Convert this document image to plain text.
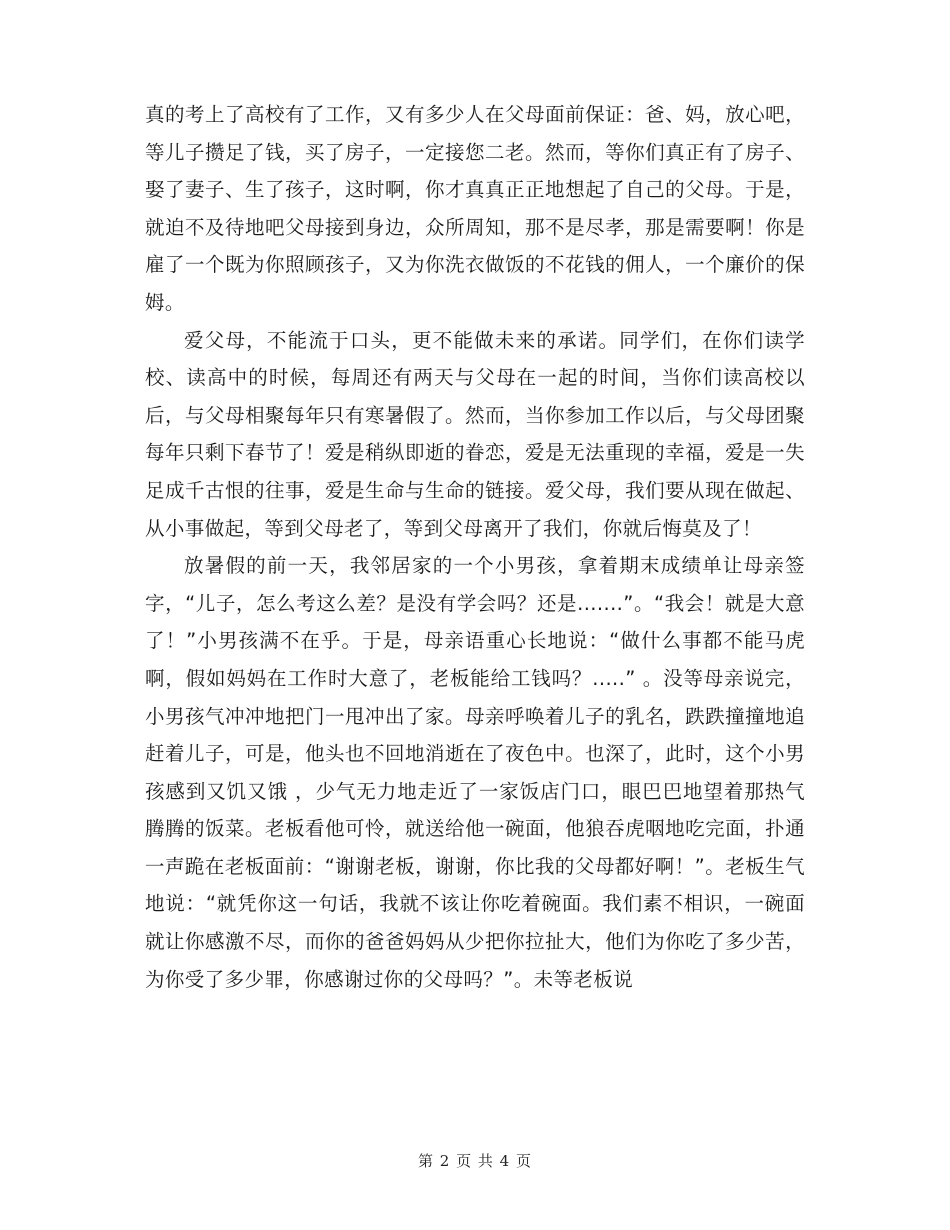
真的考上了高校有了工作，又有多少人在父母面前保证：爸、妈，放心吧，等儿子攒足了钱，买了房子，一定接您二老。然而，等你们真正有了房子、娶了妻子、生了孩子，这时啊，你才真真正正地想起了自己的父母。于是，就迫不及待地吧父母接到身边，众所周知，那不是尽孝，那是需要啊！你是雇了一个既为你照顾孩子，又为你洗衣做饭的不花钱的佣人，一个廉价的保姆。

爱父母，不能流于口头，更不能做未来的承诺。同学们，在你们读学校、读高中的时候，每周还有两天与父母在一起的时间，当你们读高校以后，与父母相聚每年只有寒暑假了。然而，当你参加工作以后，与父母团聚每年只剩下春节了！爱是稍纵即逝的眷恋，爱是无法重现的幸福，爱是一失足成千古恨的往事，爱是生命与生命的链接。爱父母，我们要从现在做起、从小事做起，等到父母老了，等到父母离开了我们，你就后悔莫及了！

放暑假的前一天，我邻居家的一个小男孩，拿着期末成绩单让母亲签字，“儿子，怎么考这么差？是没有学会吗？还是.......”。“我会！就是大意了！”小男孩满不在乎。于是，母亲语重心长地说：“做什么事都不能马虎啊，假如妈妈在工作时大意了，老板能给工钱吗？.....” 。没等母亲说完，小男孩气冲冲地把门一甩冲出了家。母亲呼唤着儿子的乳名，跌跌撞撞地追赶着儿子，可是，他头也不回地消逝在了夜色中。也深了，此时，这个小男孩感到又饥又饿 ，少气无力地走近了一家饭店门口，眼巴巴地望着那热气腾腾的饭菜。老板看他可怜，就送给他一碗面，他狼吞虎咽地吃完面，扑通一声跪在老板面前：“谢谢老板，谢谢，你比我的父母都好啊！”。老板生气地说：“就凭你这一句话，我就不该让你吃着碗面。我们素不相识，一碗面就让你感激不尽，而你的爸爸妈妈从少把你拉扯大，他们为你吃了多少苦，为你受了多少罪，你感谢过你的父母吗？”。未等老板说

第 2 页 共 4 页
